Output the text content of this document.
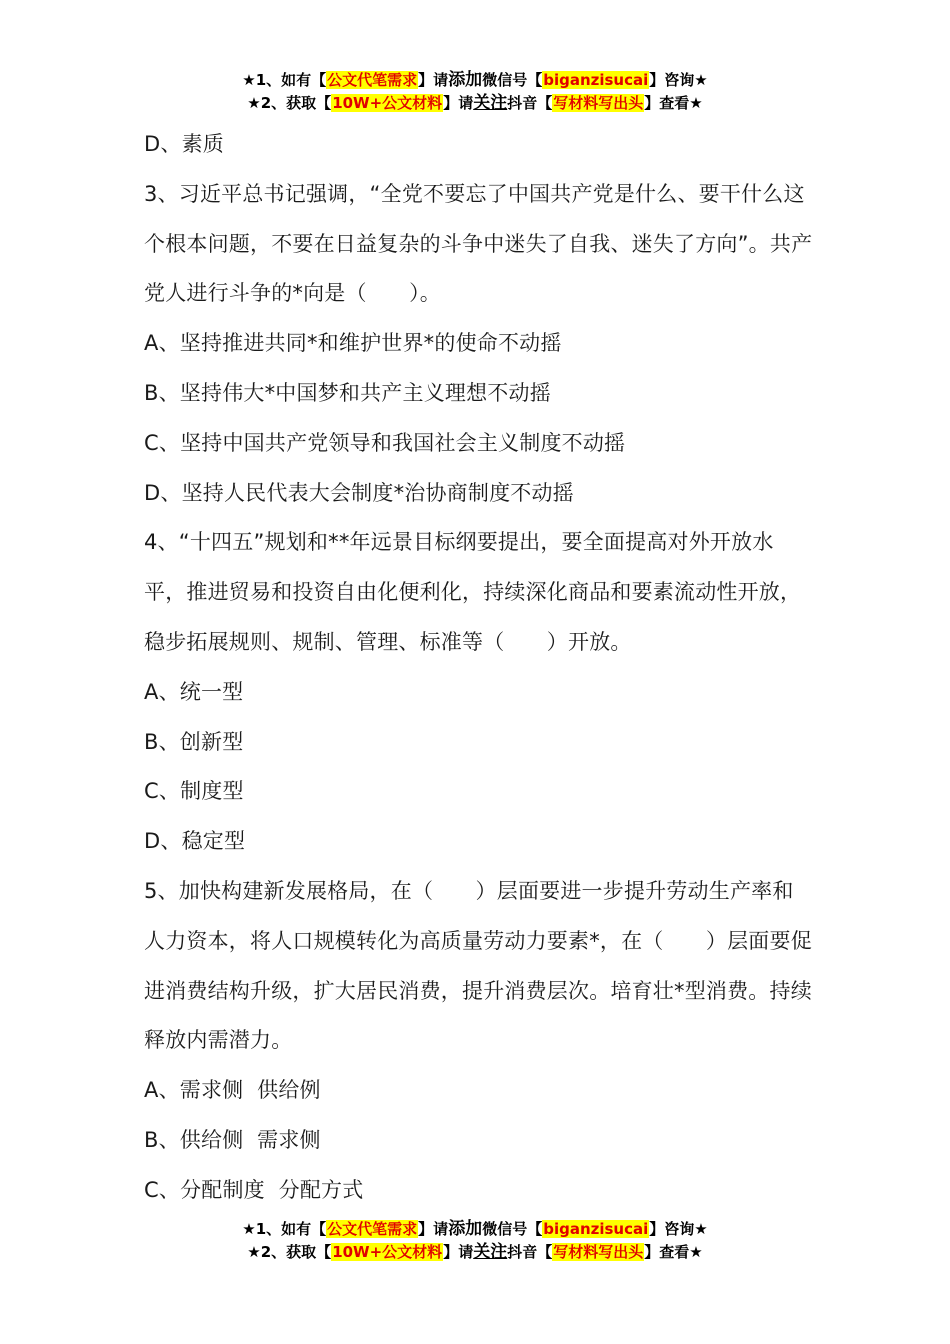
★1、如有【公文代笔需求】请添加微信号【biganzisucai】咨询★
★2、获取【10W+公文材料】请关注抖音【写材料写出头】查看★

D、素质

3、习近平总书记强调，“全党不要忘了中国共产党是什么、要干什么这个根本问题，不要在日益复杂的斗争中迷失了自我、迷失了方向”。共产党人进行斗争的*向是（　　）。

A、坚持推进共同*和维护世界*的使命不动摇

B、坚持伟大*中国梦和共产主义理想不动摇

C、坚持中国共产党领导和我国社会主义制度不动摇

D、坚持人民代表大会制度*治协商制度不动摇

4、“十四五”规划和**年远景目标纲要提出，要全面提高对外开放水平，推进贸易和投资自由化便利化，持续深化商品和要素流动性开放，稳步拓展规则、规制、管理、标准等（　　）开放。

A、统一型

B、创新型

C、制度型

D、稳定型

5、加快构建新发展格局，在（　　）层面要进一步提升劳动生产率和人力资本，将人口规模转化为高质量劳动力要素*，在（　　）层面要促进消费结构升级，扩大居民消费，提升消费层次。培育壮*型消费。持续释放内需潜力。

A、需求侧  供给例

B、供给侧  需求侧

C、分配制度  分配方式

★1、如有【公文代笔需求】请添加微信号【biganzisucai】咨询★
★2、获取【10W+公文材料】请关注抖音【写材料写出头】查看★
